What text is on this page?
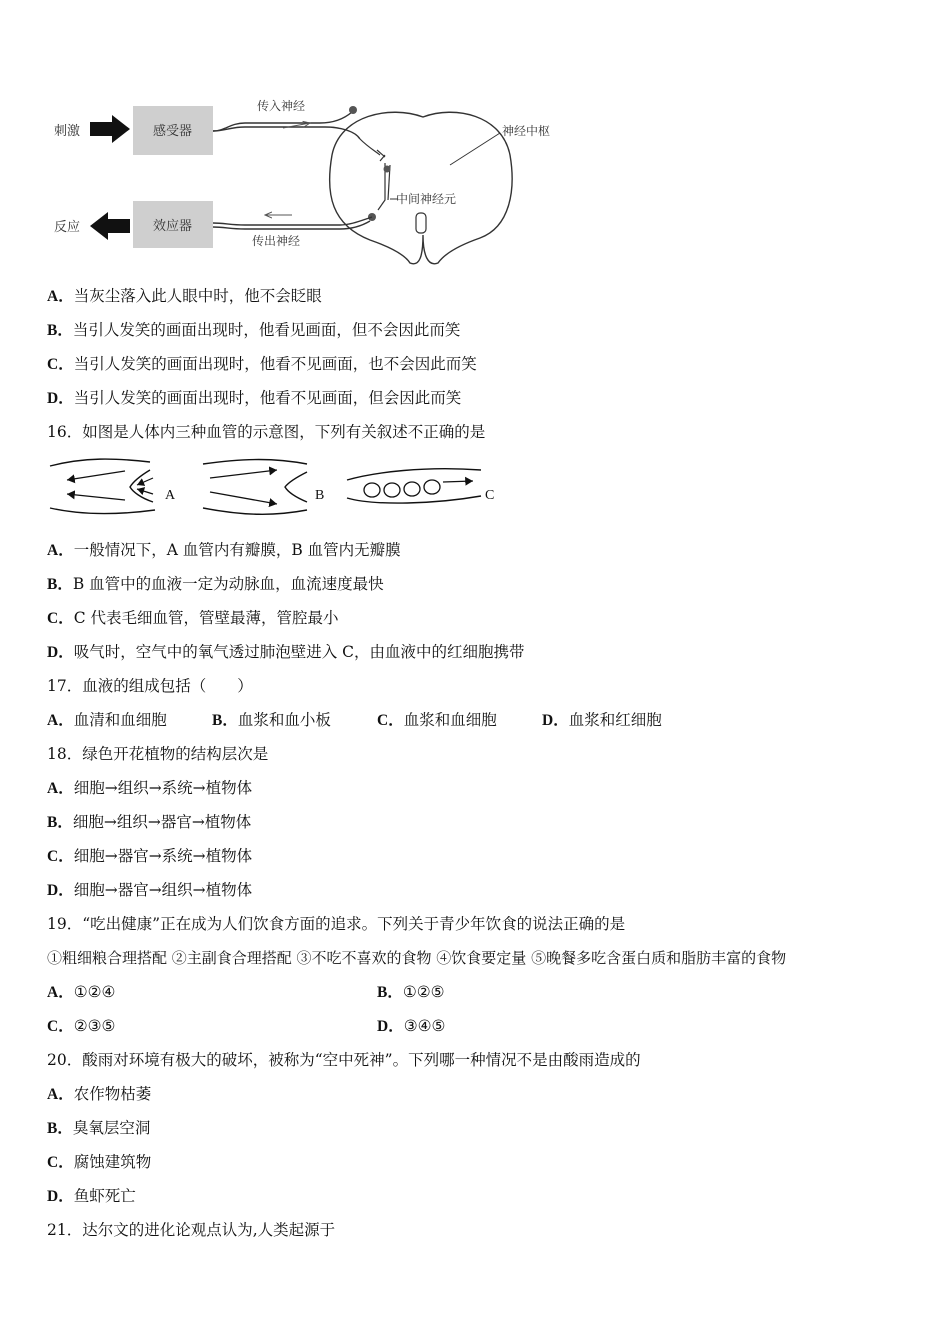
刺激	感受器
传入神经
中间神经元
神经中枢
传出神经
效应器
反应
A．当灰尘落入此人眼中时，他不会眨眼
B．当引人发笑的画面出现时，他看见画面，但不会因此而笑
C．当引人发笑的画面出现时，他看不见画面，也不会因此而笑
D．当引人发笑的画面出现时，他看不见画面，但会因此而笑
16．如图是人体内三种血管的示意图，下列有关叙述不正确的是
A	B	C
A．一般情况下，A 血管内有瓣膜，B 血管内无瓣膜
B．B 血管中的血液一定为动脉血，血流速度最快
C．C 代表毛细血管，管壁最薄，管腔最小
D．吸气时，空气中的氧气透过肺泡壁进入 C，由血液中的红细胞携带
17．血液的组成包括（　　）
A．血清和血细胞	B．血浆和血小板	C．血浆和血细胞	D．血浆和红细胞
18．绿色开花植物的结构层次是
A．细胞→组织→系统→植物体
B．细胞→组织→器官→植物体
C．细胞→器官→系统→植物体
D．细胞→器官→组织→植物体
19．“吃出健康”正在成为人们饮食方面的追求。下列关于青少年饮食的说法正确的是
①粗细粮合理搭配 ②主副食合理搭配 ③不吃不喜欢的食物 ④饮食要定量 ⑤晚餐多吃含蛋白质和脂肪丰富的食物
A．①②④	B．①②⑤
C．②③⑤	D．③④⑤
20．酸雨对环境有极大的破坏，被称为“空中死神”。下列哪一种情况不是由酸雨造成的
A．农作物枯萎
B．臭氧层空洞
C．腐蚀建筑物
D．鱼虾死亡
21．达尔文的进化论观点认为,人类起源于
